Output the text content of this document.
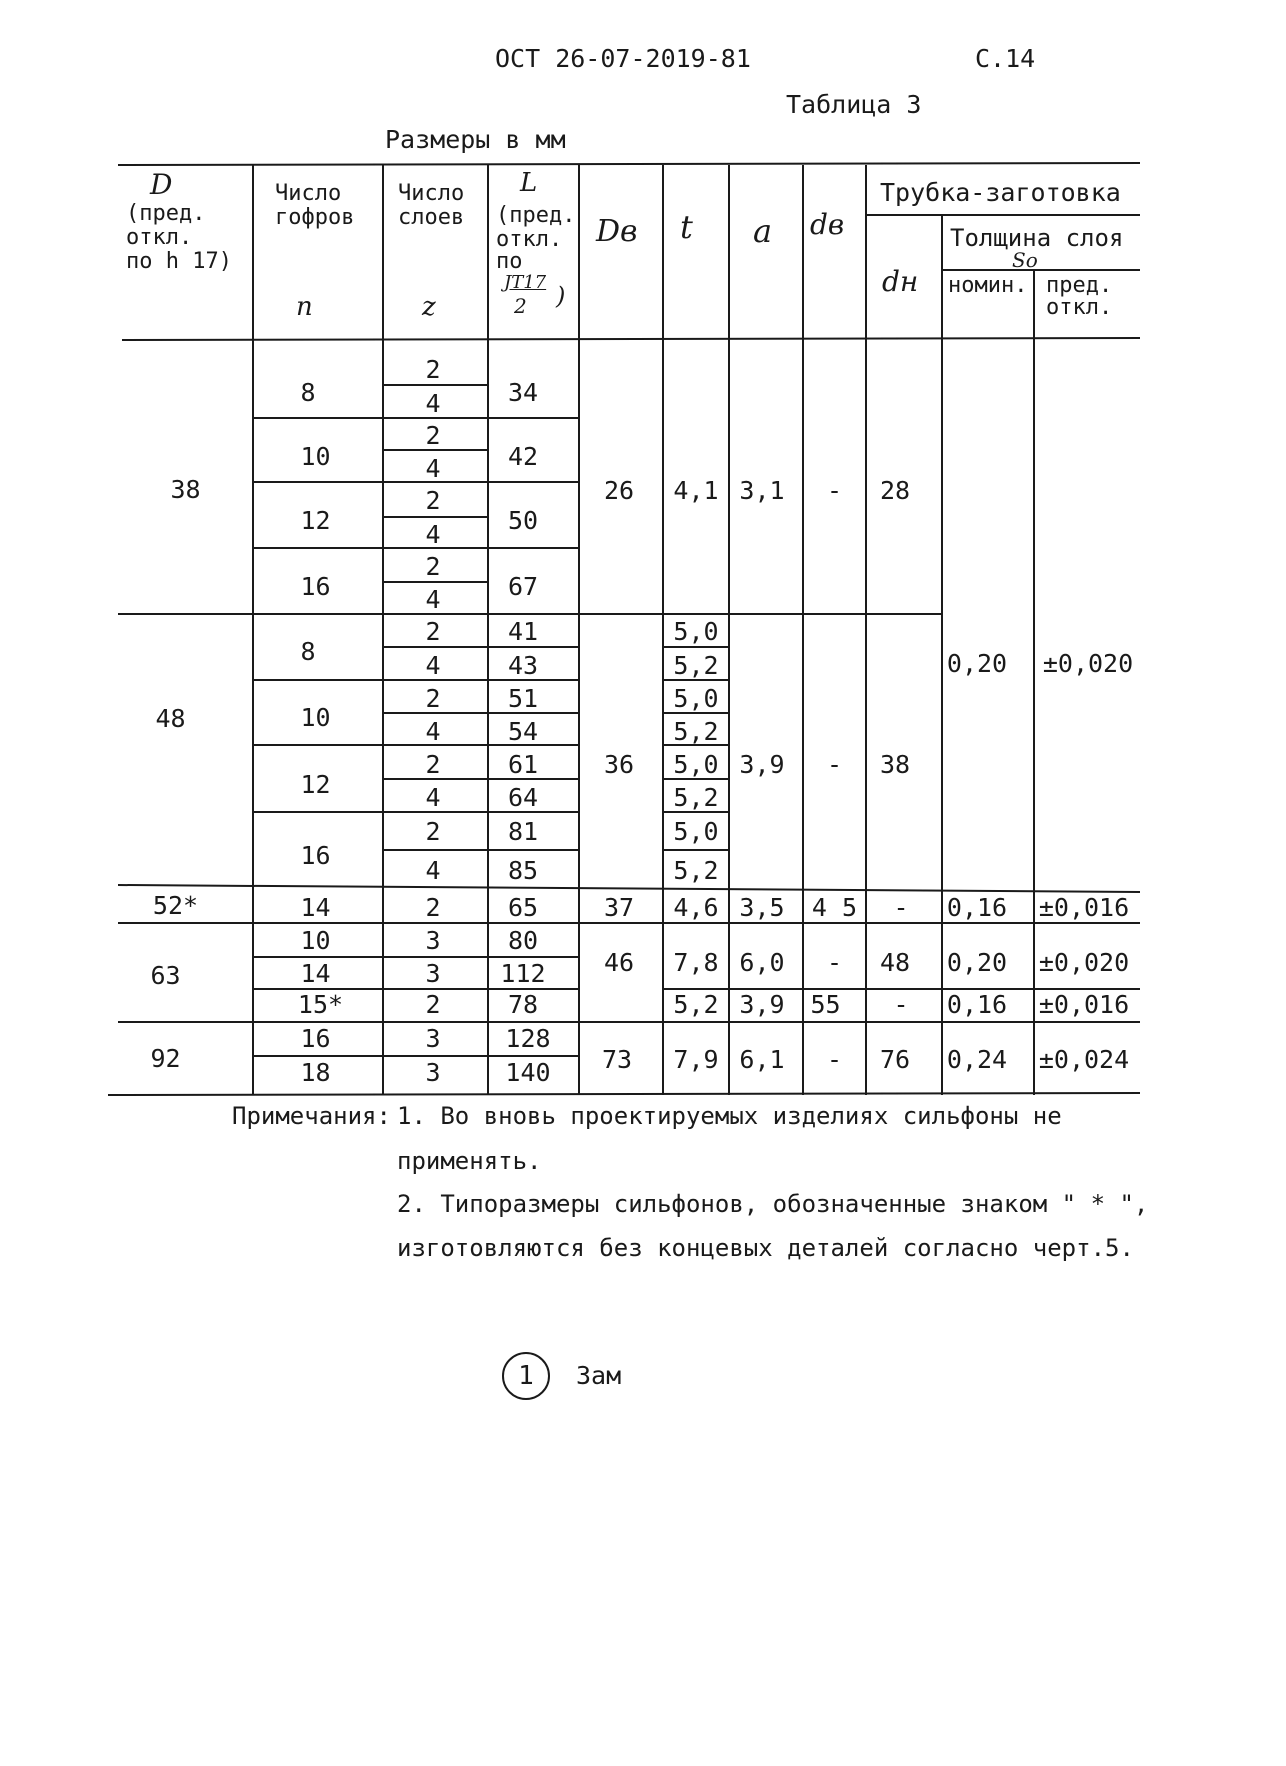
ОСТ 26-07-2019-81	С.14
Таблица 3
Размеры в мм
D
(пред.
откл.
по h 17)
Число
гофров
n
Число
слоев
z
L
(пред.
откл.
по
JT17
2 )
Dв t a dв
Трубка-заготовка
dн
Толщина слоя
So
номин. пред.
откл.
38
48
52*
63
92
8
10
12
16
8
10
12
16
14
10
14
15*
16
18
2
4
2
4
2
4
2
4
2
4
2
4
2
4
2
4
2
3
3
2
3
3
34
42
50
67
41
43
51
54
61
64
81
85
65
80
112
78
128
140
26
36
37
46
73
4,1
5,0
5,2
5,0
5,2
5,0
5,2
5,0
5,2
4,6
7,8
5,2
7,9
3,1
3,9
3,5
6,0
3,9
6,1
-
-
4 5
-
55
-
28
38
-
48
-
76
0,20
0,16
0,20
0,16
0,24
±0,020
±0,016
±0,020
±0,016
±0,024
Примечания: 1. Во вновь проектируемых изделиях сильфоны не
применять.
2. Типоразмеры сильфонов, обозначенные знаком " * ",
изготовляются без концевых деталей согласно черт.5.
1	Зам
